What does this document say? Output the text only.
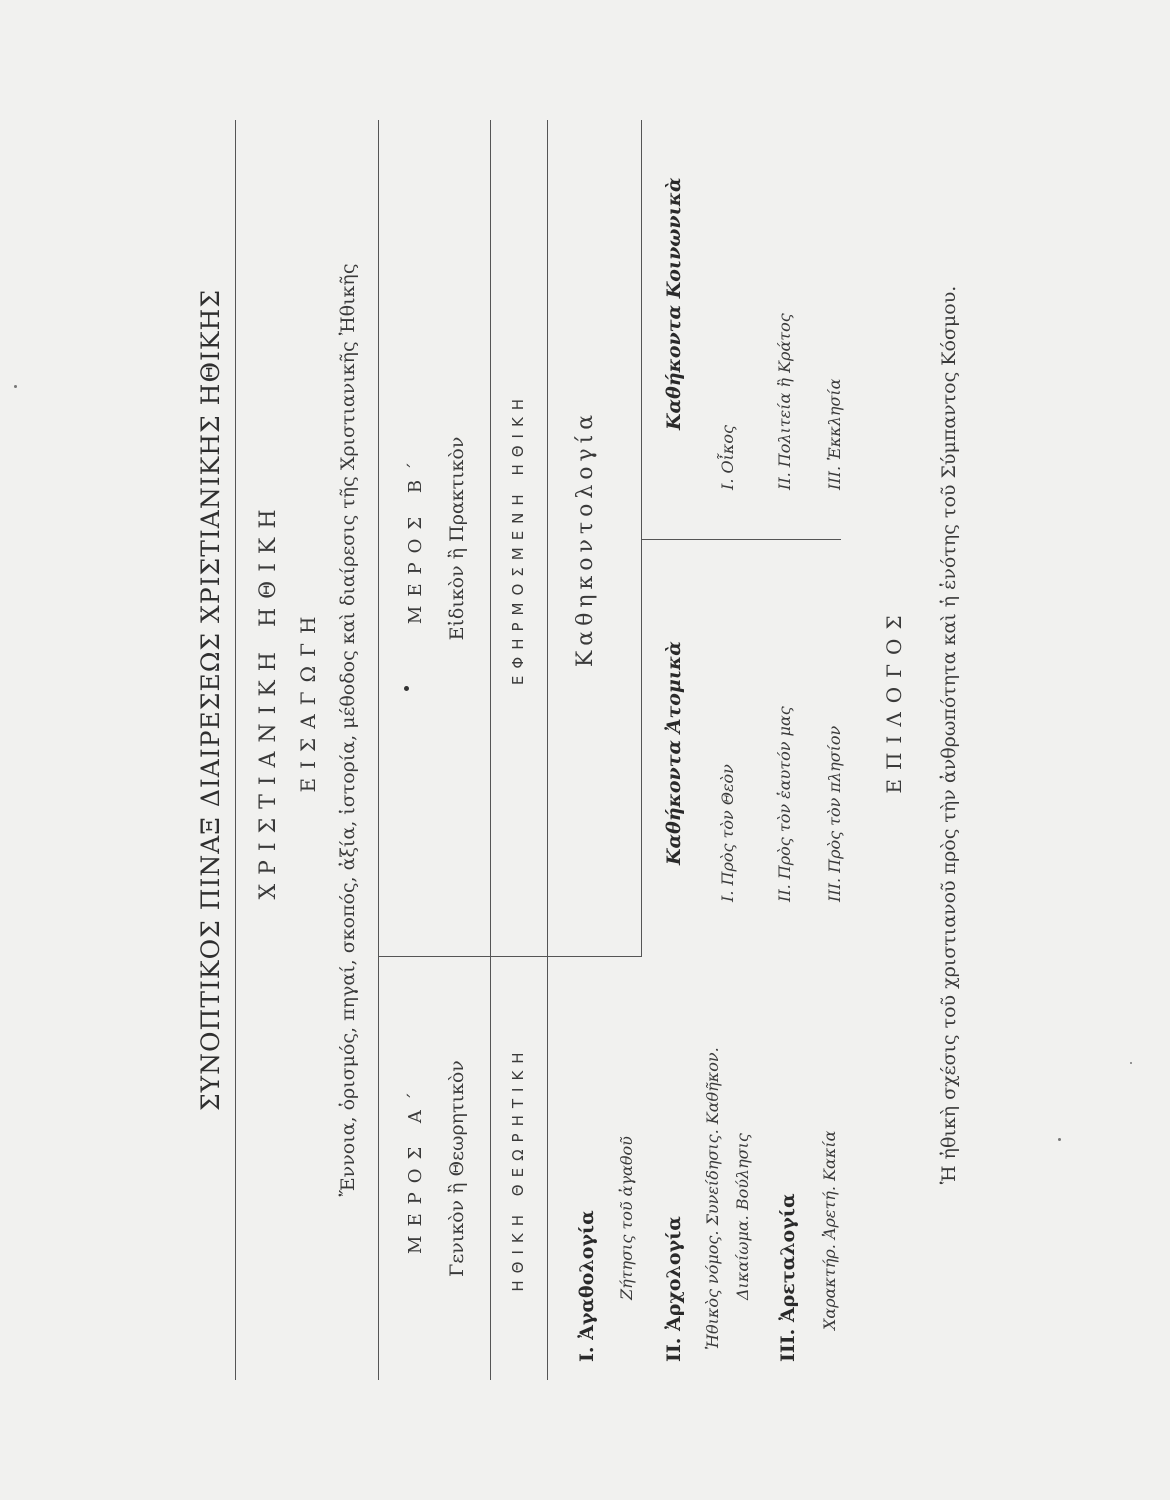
ΣΥΝΟΠΤΙΚΟΣ ΠΙΝΑΞ ΔΙΑΙΡΕΣΕΩΣ ΧΡΙΣΤΙΑΝΙΚΗΣ ΗΘΙΚΗΣ ΧΡΙΣΤΙΑΝΙΚΗ ΗΘΙΚΗ ΕΙΣΑΓΩΓΗ Ἔννοια, ὁρισμός, πηγαί, σκοπός, ἀξία, ἱστορία, μέθοδος καὶ διαίρεσις τῆς Χριστιανικῆς Ἠθικῆς	ΜΕΡΟΣ Α΄ Γενικὸν ἢ Θεωρητικὸν
ΜΕΡΟΣ Β΄ Εἰδικὸν ἢ Πρακτικὸν
ΗΘΙΚΗ ΘΕΩΡΗΤΙΚΗ
ΕΦΗΡΜΟΣΜΕΝΗ ΗΘΙΚΗ
I. Ἀγαθολογία Ζήτησις τοῦ ἀγαθοῦ II. Ἀρχολογία Ἠθικὸς νόμος. Συνείδησις. Καθῆκον. Δικαίωμα. Βούλησις III. Ἀρεταλογία Χαρακτήρ. Ἀρετή. Κακία
Καθηκοντολογία
Καθήκοντα Ἀτομικὰ I. Πρὸς τὸν Θεὸν II. Πρὸς τὸν ἑαυτόν μας III. Πρὸς τὸν πλησίον
Καθήκοντα Κοινωνικὰ
I. Οἶκος II. Πολιτεία ἢ Κράτος III. Ἐκκλησία
ΕΠΙΛΟΓΟΣ Ἡ ἠθικὴ σχέσις τοῦ χριστιανοῦ πρὸς τὴν ἀνθρωπότητα καὶ ἡ ἑνότης τοῦ Σύμπαντος Κόσμου.
